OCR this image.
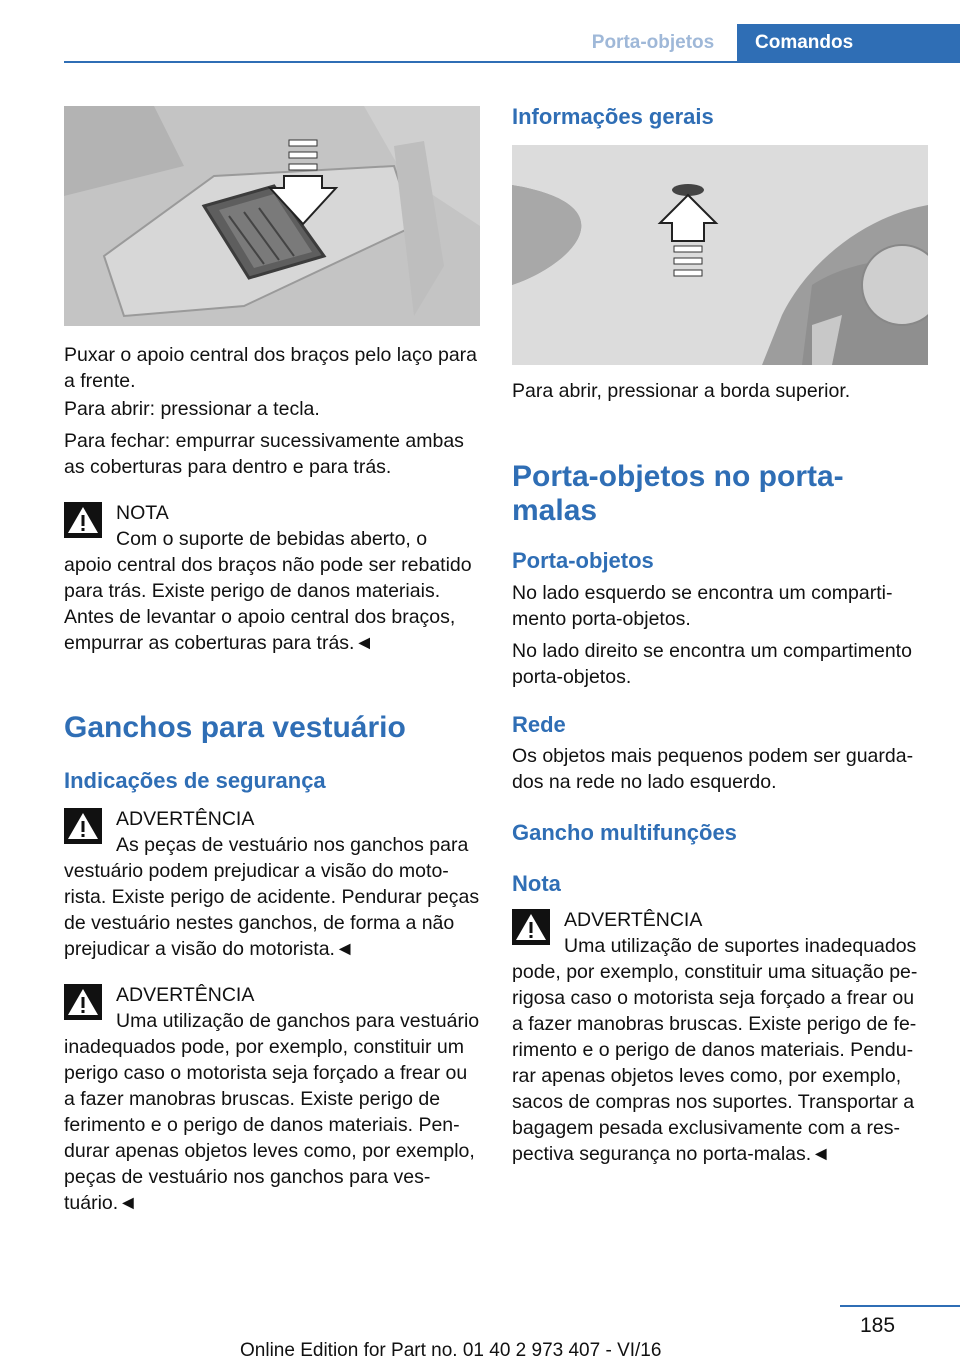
Porta-objetos	Comandos

Puxar o apoio central dos braços pelo laço para a frente.

Para abrir: pressionar a tecla.

Para fechar: empurrar sucessivamente ambas as coberturas para dentro e para trás.

NOTA
Com o suporte de bebidas aberto, o apoio central dos braços não pode ser rebatido para trás. Existe perigo de danos materiais. Antes de levantar o apoio central dos braços, empurrar as coberturas para trás.◄
Ganchos para vestuário
Indicações de segurança
ADVERTÊNCIA
As peças de vestuário nos ganchos para vestuário podem prejudicar a visão do motorista. Existe perigo de acidente. Pendurar peças de vestuário nestes ganchos, de forma a não prejudicar a visão do motorista.◄
ADVERTÊNCIA
Uma utilização de ganchos para vestuário inadequados pode, por exemplo, constituir um perigo caso o motorista seja forçado a frear ou a fazer manobras bruscas. Existe perigo de ferimento e o perigo de danos materiais. Pendurar apenas objetos leves como, por exemplo, peças de vestuário nos ganchos para vestuário.◄
Informações gerais

Para abrir, pressionar a borda superior.

Porta-objetos no porta-malas
Porta-objetos

No lado esquerdo se encontra um compartimento porta-objetos.

No lado direito se encontra um compartimento porta-objetos.

Rede

Os objetos mais pequenos podem ser guardados na rede no lado esquerdo.

Gancho multifunções
Nota
ADVERTÊNCIA
Uma utilização de suportes inadequados pode, por exemplo, constituir uma situação perigosa caso o motorista seja forçado a frear ou a fazer manobras bruscas. Existe perigo de ferimento e o perigo de danos materiais. Pendurar apenas objetos leves como, por exemplo, sacos de compras nos suportes. Transportar a bagagem pesada exclusivamente com a respectiva segurança no porta-malas.◄
185
Online Edition for Part no. 01 40 2 973 407 - VI/16
